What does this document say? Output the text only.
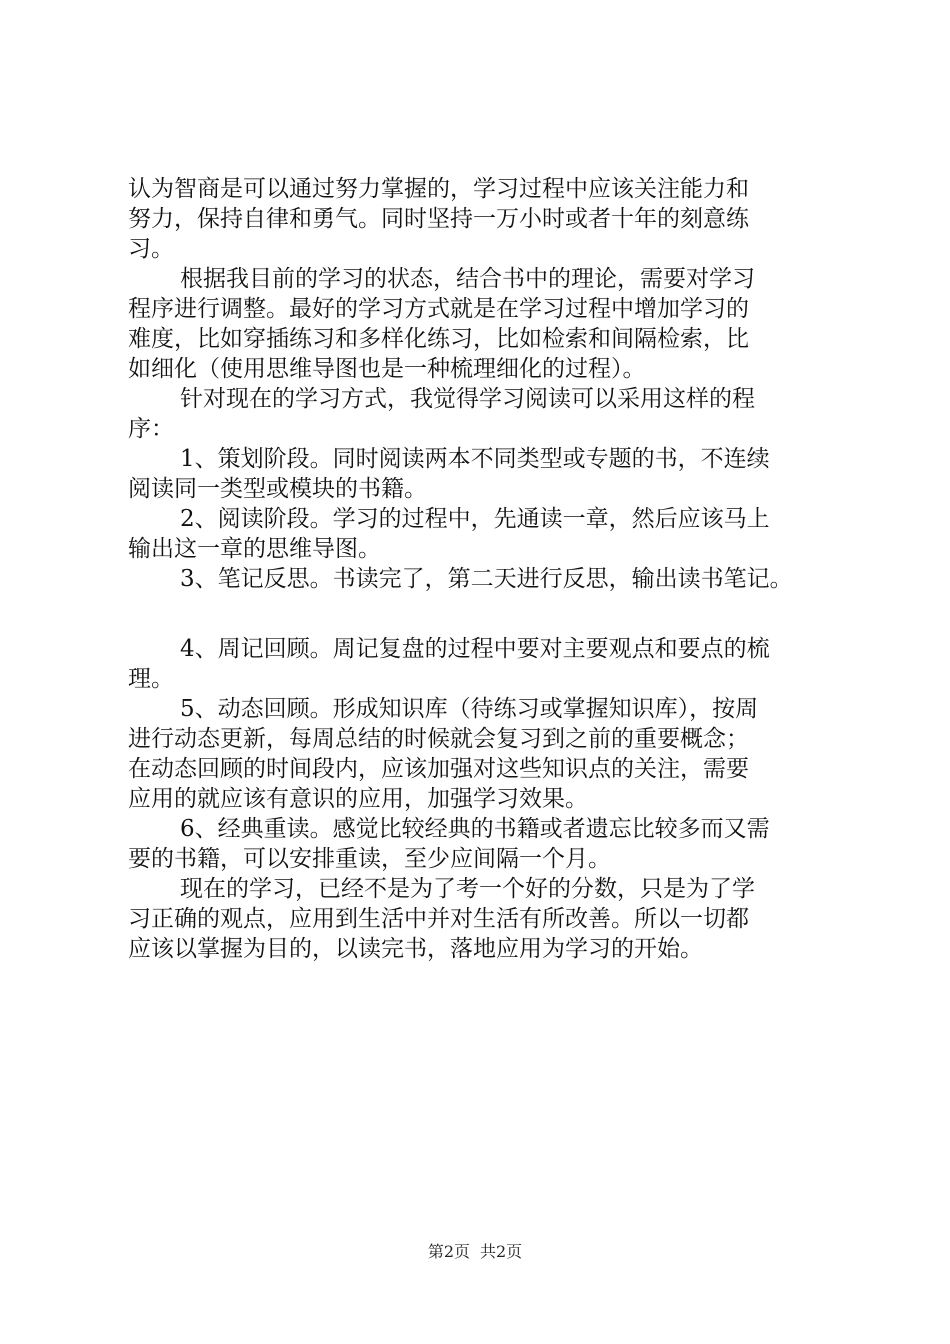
认为智商是可以通过努力掌握的，学习过程中应该关注能力和
努力，保持自律和勇气。同时坚持一万小时或者十年的刻意练
习。
根据我目前的学习的状态，结合书中的理论，需要对学习
程序进行调整。最好的学习方式就是在学习过程中增加学习的
难度，比如穿插练习和多样化练习，比如检索和间隔检索，比
如细化（使用思维导图也是一种梳理细化的过程）。
针对现在的学习方式，我觉得学习阅读可以采用这样的程
序：
1、策划阶段。同时阅读两本不同类型或专题的书，不连续
阅读同一类型或模块的书籍。
2、阅读阶段。学习的过程中，先通读一章，然后应该马上
输出这一章的思维导图。
3、笔记反思。书读完了，第二天进行反思，输出读书笔记。
4、周记回顾。周记复盘的过程中要对主要观点和要点的梳
理。
5、动态回顾。形成知识库（待练习或掌握知识库），按周
进行动态更新，每周总结的时候就会复习到之前的重要概念；
在动态回顾的时间段内，应该加强对这些知识点的关注，需要
应用的就应该有意识的应用，加强学习效果。
6、经典重读。感觉比较经典的书籍或者遗忘比较多而又需
要的书籍，可以安排重读，至少应间隔一个月。
现在的学习，已经不是为了考一个好的分数，只是为了学
习正确的观点，应用到生活中并对生活有所改善。所以一切都
应该以掌握为目的，以读完书，落地应用为学习的开始。
第2页 共2页
